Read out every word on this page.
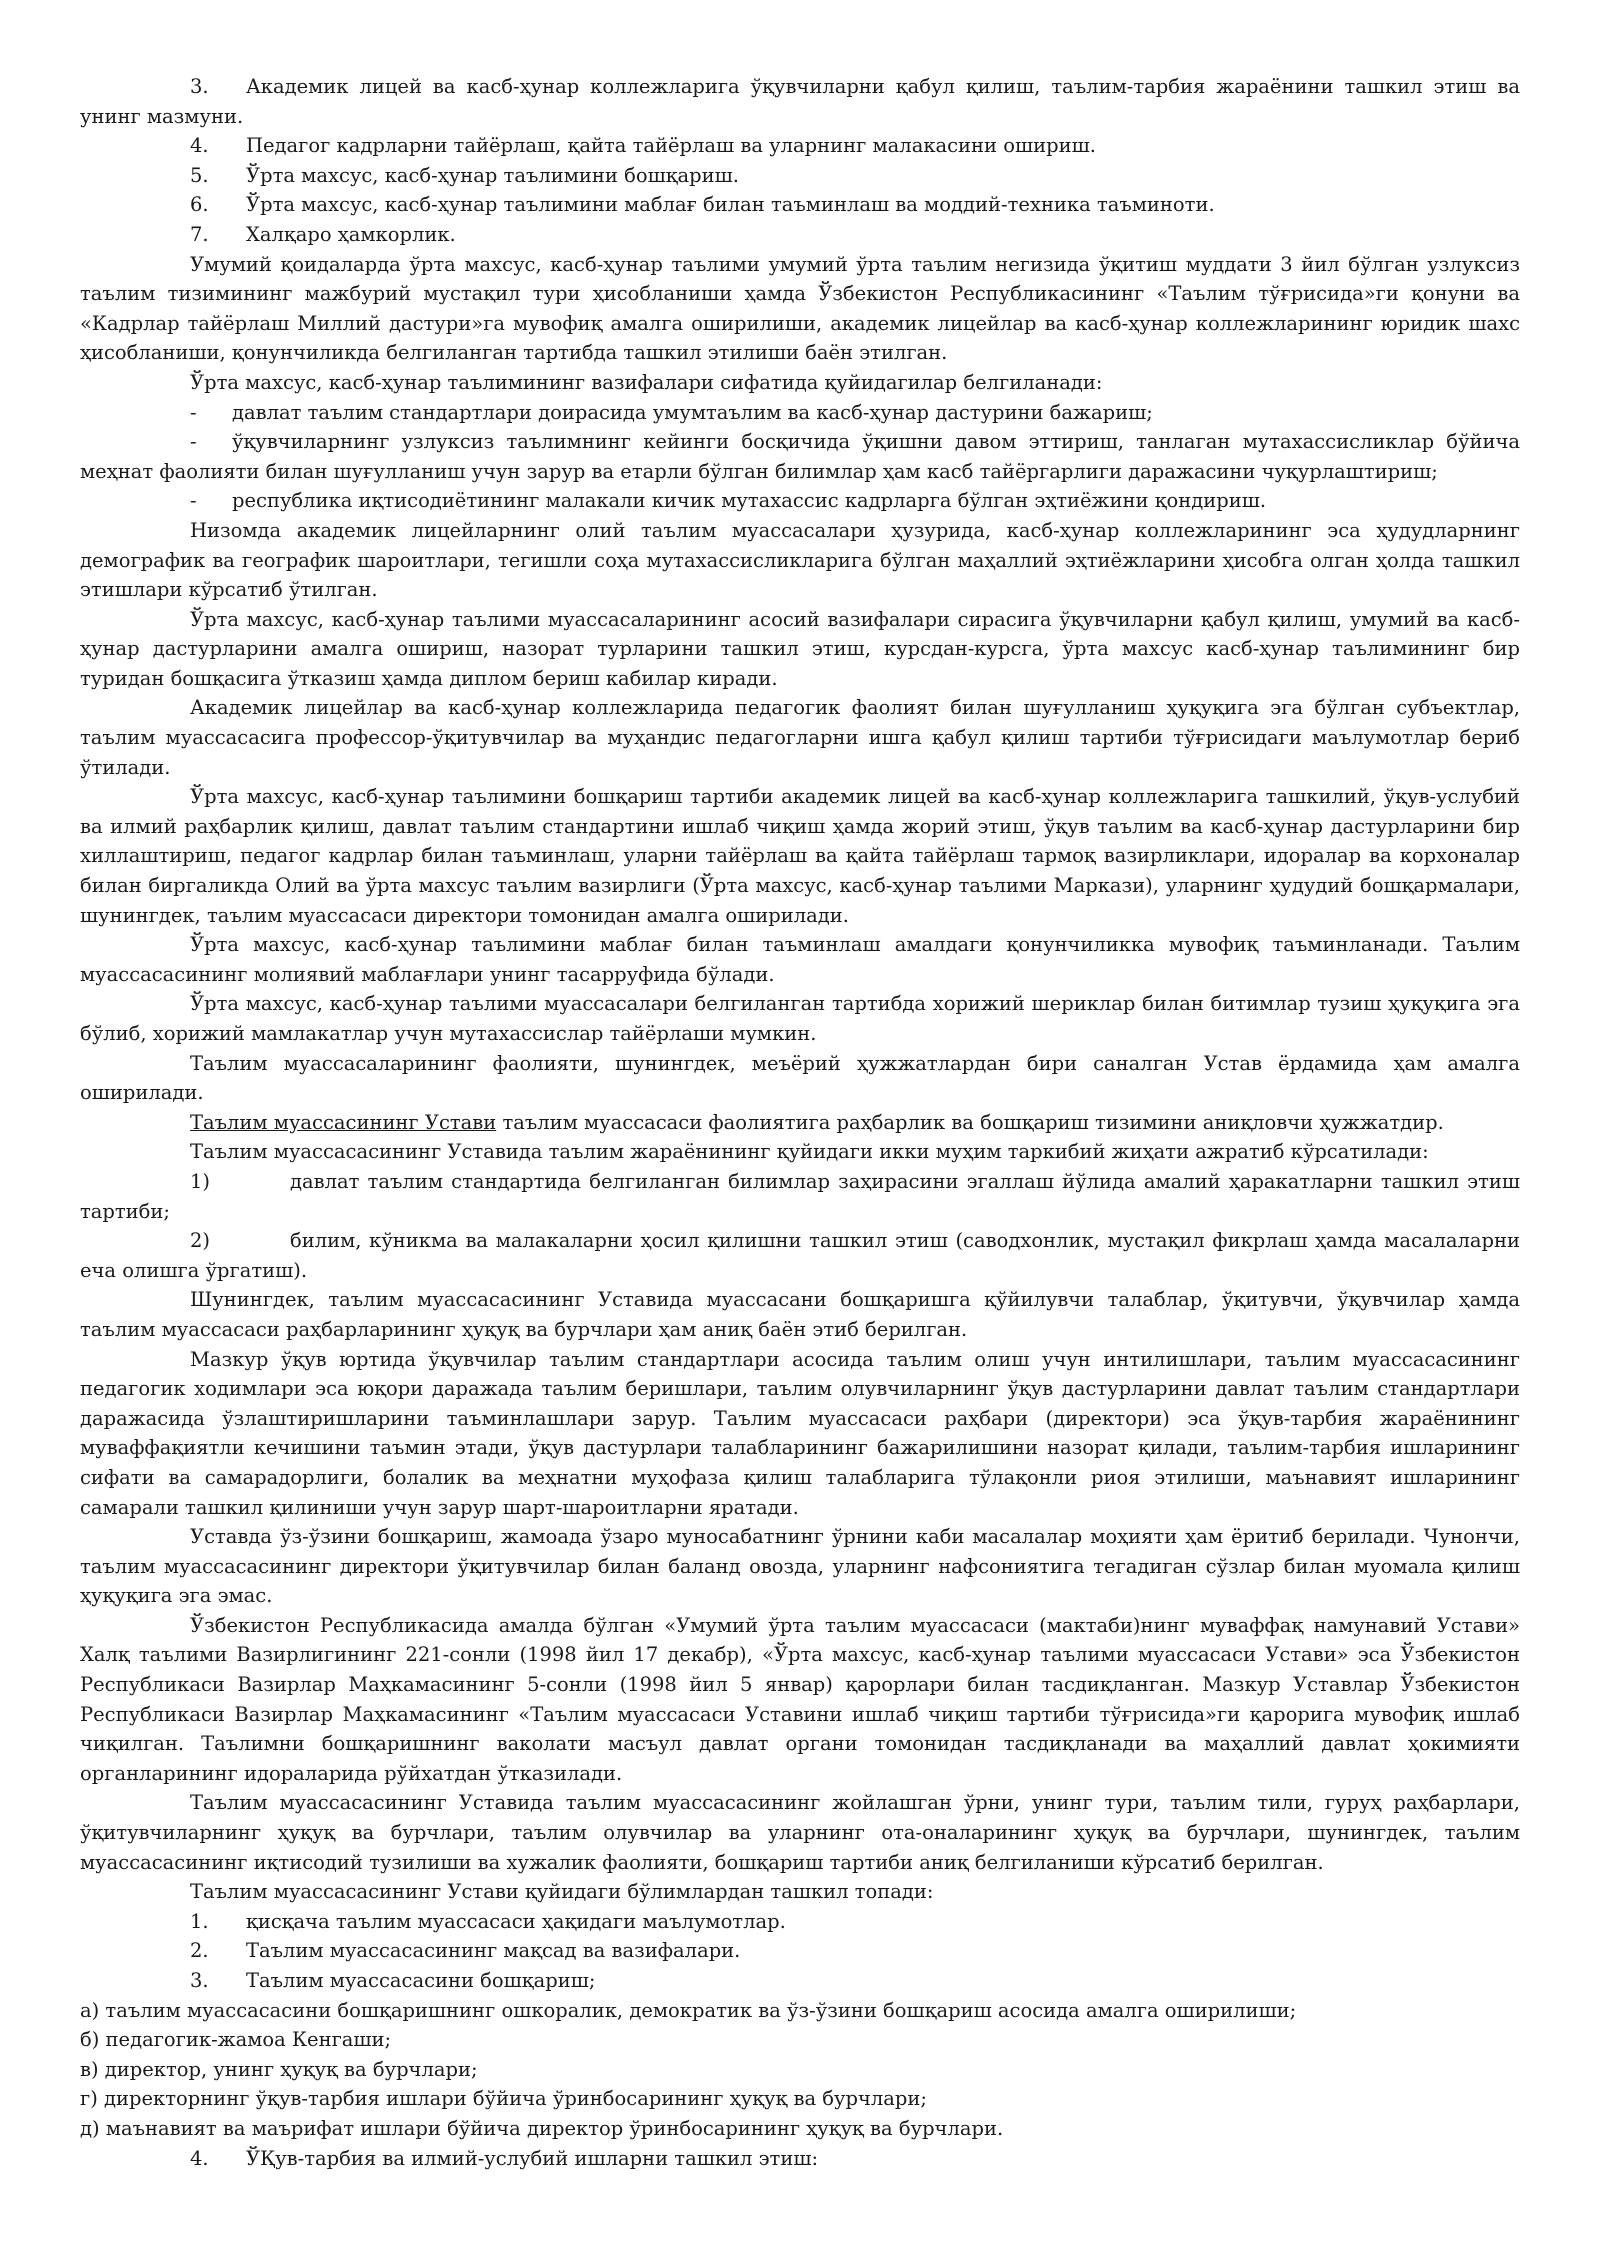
3. Академик лицей ва касб-ҳунар коллежларига ўқувчиларни қабул қилиш, таълим-тарбия жараёнини ташкил этиш ва унинг мазмуни.

4. Педагог кадрларни тайёрлаш, қайта тайёрлаш ва уларнинг малакасини ошириш.

5. Ўрта махсус, касб-ҳунар таълимини бошқариш.

6. Ўрта махсус, касб-ҳунар таълимини маблағ билан таъминлаш ва моддий-техника таъминоти.

7. Халқаро ҳамкорлик.

Умумий қоидаларда ўрта махсус, касб-ҳунар таълими умумий ўрта таълим негизида ўқитиш муддати 3 йил бўлган узлуксиз таълим тизимининг мажбурий мустақил тури ҳисобланиши ҳамда Ўзбекистон Республикасининг «Таълим тўғрисида»ги қонуни ва «Кадрлар тайёрлаш Миллий дастури»га мувофиқ амалга оширилиши, академик лицейлар ва касб-ҳунар коллежларининг юридик шахс ҳисобланиши, қонунчиликда белгиланган тартибда ташкил этилиши баён этилган.

Ўрта махсус, касб-ҳунар таълимининг вазифалари сифатида қуйидагилар белгиланади:

- давлат таълим стандартлари доирасида умумтаълим ва касб-ҳунар дастурини бажариш;

- ўқувчиларнинг узлуксиз таълимнинг кейинги босқичида ўқишни давом эттириш, танлаган мутахассисликлар бўйича меҳнат фаолияти билан шуғулланиш учун зарур ва етарли бўлган билимлар ҳам касб тайёргарлиги даражасини чуқурлаштириш;

- республика иқтисодиётининг малакали кичик мутахассис кадрларга бўлган эҳтиёжини қондириш.

Низомда академик лицейларнинг олий таълим муассасалари ҳузурида, касб-ҳунар коллежларининг эса ҳудудларнинг демографик ва географик шароитлари, тегишли соҳа мутахассисликларига бўлган маҳаллий эҳтиёжларини ҳисобга олган ҳолда ташкил этишлари кўрсатиб ўтилган.

Ўрта махсус, касб-ҳунар таълими муассасаларининг асосий вазифалари сирасига ўқувчиларни қабул қилиш, умумий ва касб-ҳунар дастурларини амалга ошириш, назорат турларини ташкил этиш, курсдан-курсга, ўрта махсус касб-ҳунар таълимининг бир туридан бошқасига ўтказиш ҳамда диплом бериш кабилар киради.

Академик лицейлар ва касб-ҳунар коллежларида педагогик фаолият билан шуғулланиш ҳуқуқига эга бўлган субъектлар, таълим муассасасига профессор-ўқитувчилар ва муҳандис педагогларни ишга қабул қилиш тартиби тўғрисидаги маълумотлар бериб ўтилади.

Ўрта махсус, касб-ҳунар таълимини бошқариш тартиби академик лицей ва касб-ҳунар коллежларига ташкилий, ўқув-услубий ва илмий раҳбарлик қилиш, давлат таълим стандартини ишлаб чиқиш ҳамда жорий этиш, ўқув таълим ва касб-ҳунар дастурларини бир хиллаштириш, педагог кадрлар билан таъминлаш, уларни тайёрлаш ва қайта тайёрлаш тармоқ вазирликлари, идоралар ва корхоналар билан биргаликда Олий ва ўрта махсус таълим вазирлиги (Ўрта махсус, касб-ҳунар таълими Маркази), уларнинг ҳудудий бошқармалари, шунингдек, таълим муассасаси директори томонидан амалга оширилади.

Ўрта махсус, касб-ҳунар таълимини маблағ билан таъминлаш амалдаги қонунчиликка мувофиқ таъминланади. Таълим муассасасининг молиявий маблағлари унинг тасарруфида бўлади.

Ўрта махсус, касб-ҳунар таълими муассасалари белгиланган тартибда хорижий шериклар билан битимлар тузиш ҳуқуқига эга бўлиб, хорижий мамлакатлар учун мутахассислар тайёрлаши мумкин.

Таълим муассасаларининг фаолияти, шунингдек, меъёрий ҳужжатлардан бири саналган Устав ёрдамида ҳам амалга оширилади.

Таълим муассасининг Устави таълим муассасаси фаолиятига раҳбарлик ва бошқариш тизимини аниқловчи ҳужжатдир.

Таълим муассасасининг Уставида таълим жараёнининг қуйидаги икки муҳим таркибий жиҳати ажратиб кўрсатилади:

1)	давлат таълим стандартида белгиланган билимлар заҳирасини эгаллаш йўлида амалий ҳаракатларни ташкил этиш тартиби;

2)	билим, кўникма ва малакаларни ҳосил қилишни ташкил этиш (саводхонлик, мустақил фикрлаш ҳамда масалаларни еча олишга ўргатиш).

Шунингдек, таълим муассасасининг Уставида муассасани бошқаришга қўйилувчи талаблар, ўқитувчи, ўқувчилар ҳамда таълим муассасаси раҳбарларининг ҳуқуқ ва бурчлари ҳам аниқ баён этиб берилган.

Мазкур ўқув юртида ўқувчилар таълим стандартлари асосида таълим олиш учун интилишлари, таълим муассасасининг педагогик ходимлари эса юқори даражада таълим беришлари, таълим олувчиларнинг ўқув дастурларини давлат таълим стандартлари даражасида ўзлаштиришларини таъминлашлари зарур. Таълим муассасаси раҳбари (директори) эса ўқув-тарбия жараёнининг муваффақиятли кечишини таъмин этади, ўқув дастурлари талабларининг бажарилишини назорат қилади, таълим-тарбия ишларининг сифати ва самарадорлиги, болалик ва меҳнатни муҳофаза қилиш талабларига тўлақонли риоя этилиши, маънавият ишларининг самарали ташкил қилиниши учун зарур шарт-шароитларни яратади.

Уставда ўз-ўзини бошқариш, жамоада ўзаро муносабатнинг ўрнини каби масалалар моҳияти ҳам ёритиб берилади. Чунончи, таълим муассасасининг директори ўқитувчилар билан баланд овозда, уларнинг нафсониятига тегадиган сўзлар билан муомала қилиш ҳуқуқига эга эмас.

Ўзбекистон Республикасида амалда бўлган «Умумий ўрта таълим муассасаси (мактаби)нинг муваффақ намунавий Устави» Халқ таълими Вазирлигининг 221-сонли (1998 йил 17 декабр), «Ўрта махсус, касб-ҳунар таълими муассасаси Устави» эса Ўзбекистон Республикаси Вазирлар Маҳкамасининг 5-сонли (1998 йил 5 январ) қарорлари билан тасдиқланган. Мазкур Уставлар Ўзбекистон Республикаси Вазирлар Маҳкамасининг «Таълим муассасаси Уставини ишлаб чиқиш тартиби тўғрисида»ги қарорига мувофиқ ишлаб чиқилган. Таълимни бошқаришнинг ваколати масъул давлат органи томонидан тасдиқланади ва маҳаллий давлат ҳокимияти органларининг идораларида рўйхатдан ўтказилади.

Таълим муассасасининг Уставида таълим муассасасининг жойлашган ўрни, унинг тури, таълим тили, гуруҳ раҳбарлари, ўқитувчиларнинг ҳуқуқ ва бурчлари, таълим олувчилар ва уларнинг ота-оналарининг ҳуқуқ ва бурчлари, шунингдек, таълим муассасасининг иқтисодий тузилиши ва хужалик фаолияти, бошқариш тартиби аниқ белгиланиши кўрсатиб берилган.

Таълим муассасасининг Устави қуйидаги бўлимлардан ташкил топади:

1. қисқача таълим муассасаси ҳақидаги маълумотлар.

2. Таълим муассасасининг мақсад ва вазифалари.

3. Таълим муассасасини бошқариш;

а) таълим муассасасини бошқаришнинг ошкоралик, демократик ва ўз-ўзини бошқариш асосида амалга оширилиши;

б) педагогик-жамоа Кенгаши;

в) директор, унинг ҳуқуқ ва бурчлари;

г) директорнинг ўқув-тарбия ишлари бўйича ўринбосарининг ҳуқуқ ва бурчлари;

д) маънавият ва маърифат ишлари бўйича директор ўринбосарининг ҳуқуқ ва бурчлари.

4. ЎҚув-тарбия ва илмий-услубий ишларни ташкил этиш:
